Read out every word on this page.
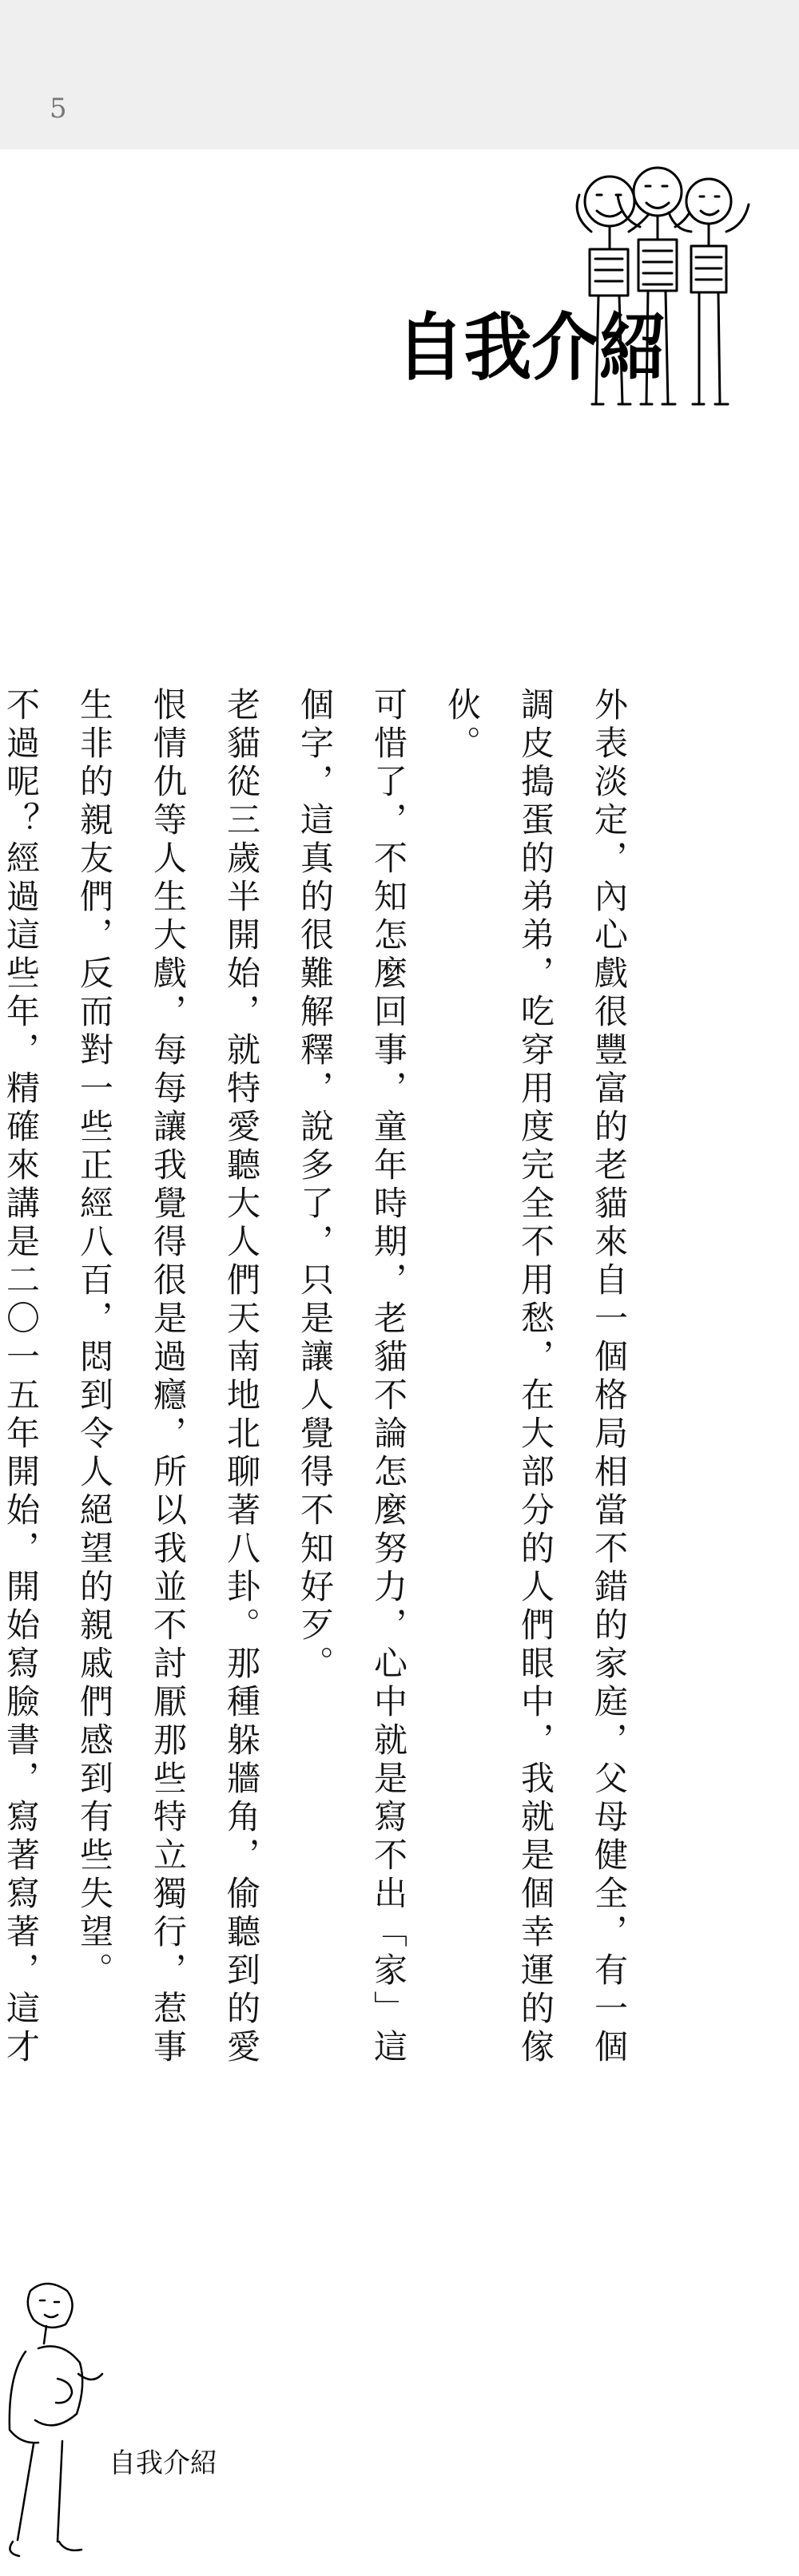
5
自我介紹

外表淡定，內心戲很豐富的老貓來自一個格局相當不錯的家庭，父母健全，有一個調皮搗蛋的弟弟，吃穿用度完全不用愁，在大部分的人們眼中，我就是個幸運的傢伙。

可惜了，不知怎麼回事，童年時期，老貓不論怎麼努力，心中就是寫不出「家」這個字，這真的很難解釋，說多了，只是讓人覺得不知好歹。

老貓從三歲半開始，就特愛聽大人們天南地北聊著八卦。那種躲牆角，偷聽到的愛恨情仇等人生大戲，每每讓我覺得很是過癮，所以我並不討厭那些特立獨行，惹事生非的親友們，反而對一些正經八百，悶到令人絕望的親戚們感到有些失望。

不過呢？經過這些年，精確來講是二〇一五年開始，開始寫臉書，寫著寫著，這才

自我介紹
